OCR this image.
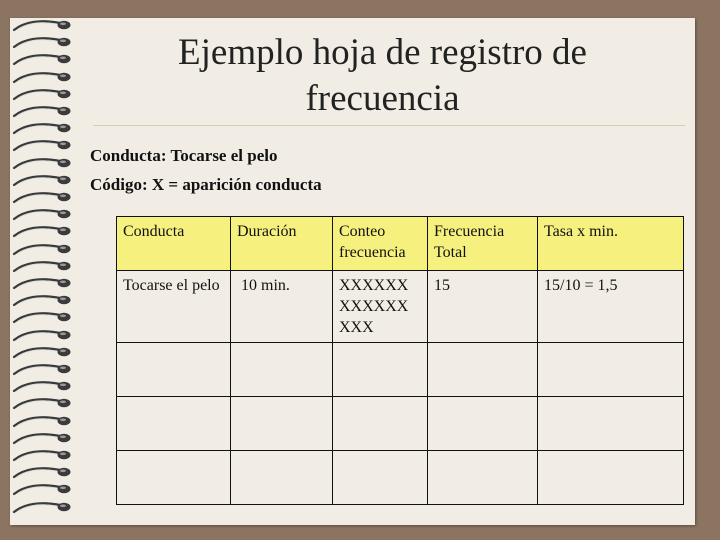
Ejemplo hoja de registro de
frecuencia
Conducta: Tocarse el pelo
Código: X = aparición conducta
Conducta	Duración	Conteo frecuencia	Frecuencia Total	Tasa x min.
Tocarse el pelo	10 min.	XXXXXX XXXXXX XXX	15	15/10 = 1,5
